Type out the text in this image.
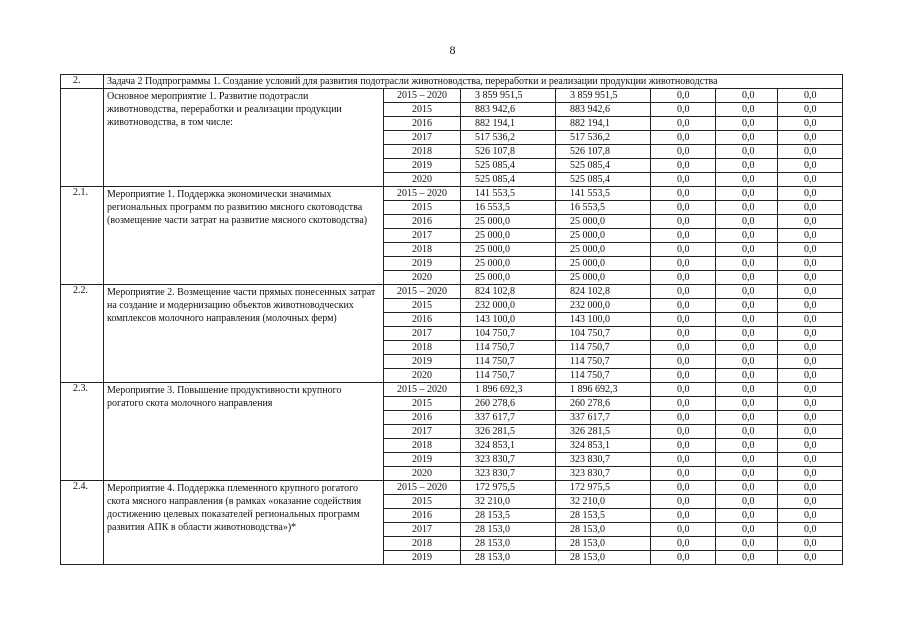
8
2.	Задача 2 Подпрограммы 1. Создание условий для развития подотрасли животноводства, переработки и реализации продукции животноводства						
	Основное мероприятие 1. Развитие подотрасли животноводства, переработки и реализации продукции животноводства, в том числе:	2015 – 2020	3 859 951,5	3 859 951,5	0,0	0,0	0,0
		2015	883 942,6	883 942,6	0,0	0,0	0,0
		2016	882 194,1	882 194,1	0,0	0,0	0,0
		2017	517 536,2	517 536,2	0,0	0,0	0,0
		2018	526 107,8	526 107,8	0,0	0,0	0,0
		2019	525 085,4	525 085,4	0,0	0,0	0,0
		2020	525 085,4	525 085,4	0,0	0,0	0,0
2.1.	Мероприятие 1. Поддержка экономически значимых региональных программ по развитию мясного скотоводства (возмещение части затрат на развитие мясного скотоводства)	2015 – 2020	141 553,5	141 553,5	0,0	0,0	0,0
		2015	16 553,5	16 553,5	0,0	0,0	0,0
		2016	25 000,0	25 000,0	0,0	0,0	0,0
		2017	25 000,0	25 000,0	0,0	0,0	0,0
		2018	25 000,0	25 000,0	0,0	0,0	0,0
		2019	25 000,0	25 000,0	0,0	0,0	0,0
		2020	25 000,0	25 000,0	0,0	0,0	0,0
2.2.	Мероприятие 2. Возмещение части прямых понесенных затрат на создание и модернизацию объектов животноводческих комплексов молочного направления (молочных ферм)	2015 – 2020	824 102,8	824 102,8	0,0	0,0	0,0
		2015	232 000,0	232 000,0	0,0	0,0	0,0
		2016	143 100,0	143 100,0	0,0	0,0	0,0
		2017	104 750,7	104 750,7	0,0	0,0	0,0
		2018	114 750,7	114 750,7	0,0	0,0	0,0
		2019	114 750,7	114 750,7	0,0	0,0	0,0
		2020	114 750,7	114 750,7	0,0	0,0	0,0
2.3.	Мероприятие 3. Повышение продуктивности крупного рогатого скота молочного направления	2015 – 2020	1 896 692,3	1 896 692,3	0,0	0,0	0,0
		2015	260 278,6	260 278,6	0,0	0,0	0,0
		2016	337 617,7	337 617,7	0,0	0,0	0,0
		2017	326 281,5	326 281,5	0,0	0,0	0,0
		2018	324 853,1	324 853,1	0,0	0,0	0,0
		2019	323 830,7	323 830,7	0,0	0,0	0,0
		2020	323 830,7	323 830,7	0,0	0,0	0,0
2.4.	Мероприятие 4. Поддержка племенного крупного рогатого скота мясного направления (в рамках «оказание содействия достижению целевых показателей региональных программ развития АПК в области животноводства»)*	2015 – 2020	172 975,5	172 975,5	0,0	0,0	0,0
		2015	32 210,0	32 210,0	0,0	0,0	0,0
		2016	28 153,5	28 153,5	0,0	0,0	0,0
		2017	28 153,0	28 153,0	0,0	0,0	0,0
		2018	28 153,0	28 153,0	0,0	0,0	0,0
		2019	28 153,0	28 153,0	0,0	0,0	0,0
